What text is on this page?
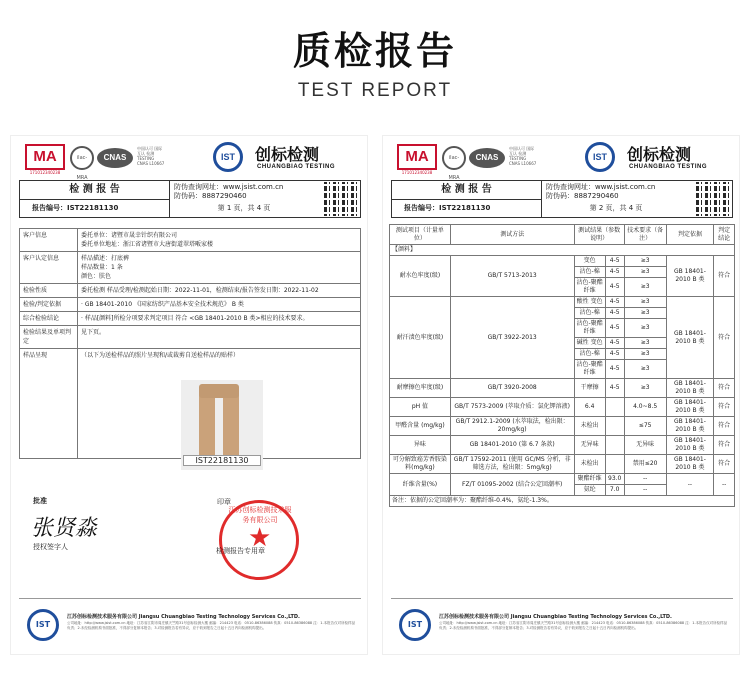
质检报告
TEST REPORT
MA
171012340238
ilac-MRA
CNAS
中国认可 国际互认 检测 TESTING CNAS L10667
IST	创标检测
CHUANGBIAO TESTING
检 测 报 告
报告编号：IST22181130
防伪查询网址：www.jsist.com.cn
防伪码：8887290460
第 1 页，共 4 页
客户信息	委托单位：诸暨市晟幸针织有限公司
委托单位地址：浙江省诸暨市大唐街道翠塔畈家楼

客户认定信息	样品描述：打底裤
样品数量：1 条
颜色：肤色

检验性质	委托检测 样品受理/检测起始日期：2022-11-01，检测结束/报告签发日期：2022-11-02
检验/判定依据	· GB 18401-2010 《国家纺织产品基本安全技术规范》 B 类
综合检验结论	· 样品[颜料]所检分项要求判定项目 符合 <GB 18401-2010 B 类>相应的技术要求。
检验结果及单项判定	见下页。
样品呈现	（以下为送检样品的照片呈现和/或裁剪自送检样品的贴样）
IST22181130
批准
张贤淼
授权签字人
印章
江苏创标检测技术服务有限公司
★
检测报告专用章
IST
江苏创标检测技术服务有限公司 Jiangsu Chuangbiao Testing Technology Services Co.,LTD.
公司地址：http://www.jsist.com.cn 地址：江苏省江阴市周庄镇天竺路31号创标检测大楼 邮编：214423 电话：0510-86386088 传真：0510-86386088 注：1.本报告仅对所检样品负责；2.未经检测机构书面批准，不得部分复制本报告；3.对检测报告若有异议，应于收到报告之日起十五日内向检测机构提出。
MA
171012340238
ilac-MRA
CNAS
中国认可 国际互认 检测 TESTING CNAS L10667
IST	创标检测
CHUANGBIAO TESTING
检 测 报 告
报告编号：IST22181130
防伪查询网址：www.jsist.com.cn
防伪码：8887290460
第 2 页，共 4 页
测试项目（计量单位）	测试方法	测试结果（参数说明）		技术要求（备注）	判定依据	判定结论
【颜料】						
耐水色牢度(级)	GB/T 5713-2013	变色	4-5	≥3	GB 18401-2010 B 类	符合
		沾色-棉	4-5	≥3		
		沾色-聚酯纤维	4-5	≥3		
耐汗渍色牢度(级)	GB/T 3922-2013	酸性 变色	4-5	≥3	GB 18401-2010 B 类	符合
		沾色-棉	4-5	≥3		
		沾色-聚酯纤维	4-5	≥3		
		碱性 变色	4-5	≥3		
		沾色-棉	4-5	≥3		
		沾色-聚酯纤维	4-5	≥3		
耐摩擦色牢度(级)	GB/T 3920-2008	干摩擦	4-5	≥3	GB 18401-2010 B 类	符合
pH 值	GB/T 7573-2009 (萃取介质：氯化钾溶液)	6.4		4.0~8.5	GB 18401-2010 B 类	符合
甲醛含量 (mg/kg)	GB/T 2912.1-2009 (水萃取法，检出限：20mg/kg)	未检出		≤75	GB 18401-2010 B 类	符合
异味	GB 18401-2010 (第 6.7 条款)	无异味		无异味	GB 18401-2010 B 类	符合
可分解致癌芳香胺染料(mg/kg)	GB/T 17592-2011 (使用 GC/MS 分析，非筛选方法，检出限：5mg/kg)	未检出		禁用≤20	GB 18401-2010 B 类	符合
纤维含量(%)	FZ/T 01095-2002 (结合公定回潮率)	聚酯纤维	93.0	--	--	--
		氨纶	7.0	--		
备注：依据的公定回潮率为：聚酯纤维-0.4%，氨纶-1.3%。						
IST
江苏创标检测技术服务有限公司 Jiangsu Chuangbiao Testing Technology Services Co.,LTD.
公司地址：http://www.jsist.com.cn 地址：江苏省江阴市周庄镇天竺路31号创标检测大楼 邮编：214423 电话：0510-86386088 传真：0510-86386088 注：1.本报告仅对所检样品负责；2.未经检测机构书面批准，不得部分复制本报告；3.对检测报告若有异议，应于收到报告之日起十五日内向检测机构提出。
